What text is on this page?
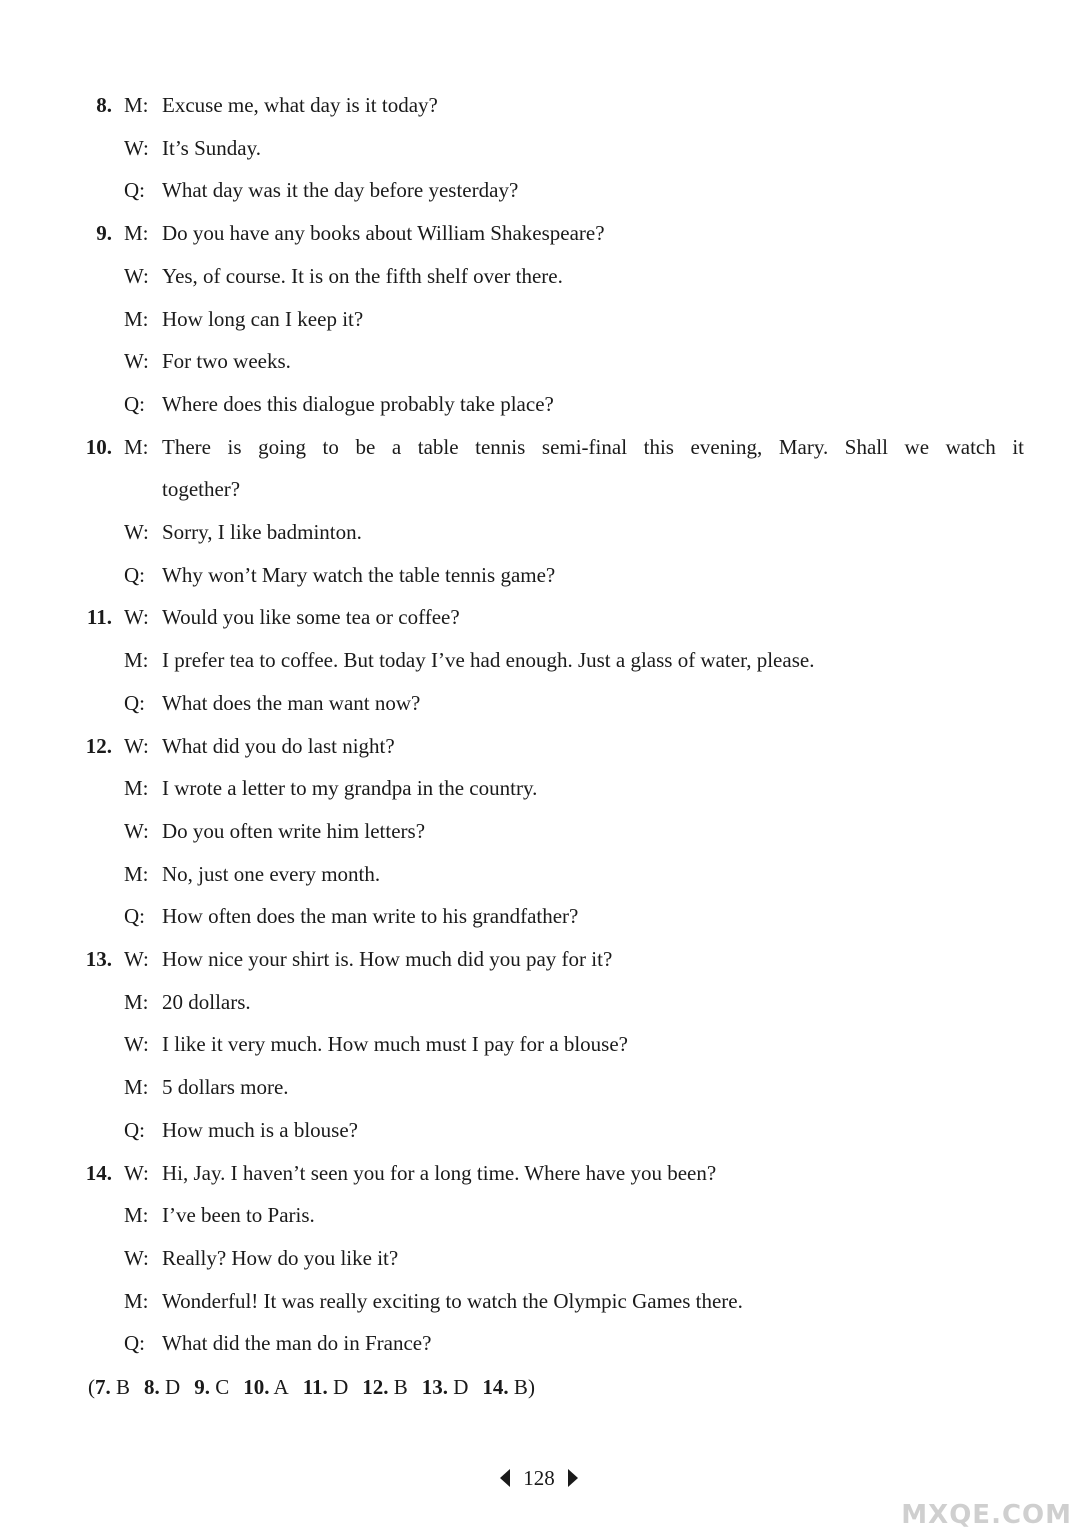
8. M: Excuse me, what day is it today?
W: It’s Sunday.
Q: What day was it the day before yesterday?
9. M: Do you have any books about William Shakespeare?
W: Yes, of course. It is on the fifth shelf over there.
M: How long can I keep it?
W: For two weeks.
Q: Where does this dialogue probably take place?
10. M: There is going to be a table tennis semi-final this evening, Mary. Shall we watch it
together?
W: Sorry, I like badminton.
Q: Why won’t Mary watch the table tennis game?
11. W: Would you like some tea or coffee?
M: I prefer tea to coffee. But today I’ve had enough. Just a glass of water, please.
Q: What does the man want now?
12. W: What did you do last night?
M: I wrote a letter to my grandpa in the country.
W: Do you often write him letters?
M: No, just one every month.
Q: How often does the man write to his grandfather?
13. W: How nice your shirt is. How much did you pay for it?
M: 20 dollars.
W: I like it very much. How much must I pay for a blouse?
M: 5 dollars more.
Q: How much is a blouse?
14. W: Hi, Jay. I haven’t seen you for a long time. Where have you been?
M: I’ve been to Paris.
W: Really? How do you like it?
M: Wonderful! It was really exciting to watch the Olympic Games there.
Q: What did the man do in France?
(7. B 8. D 9. C 10. A 11. D 12. B 13. D 14. B)
128
MXQE.COM
